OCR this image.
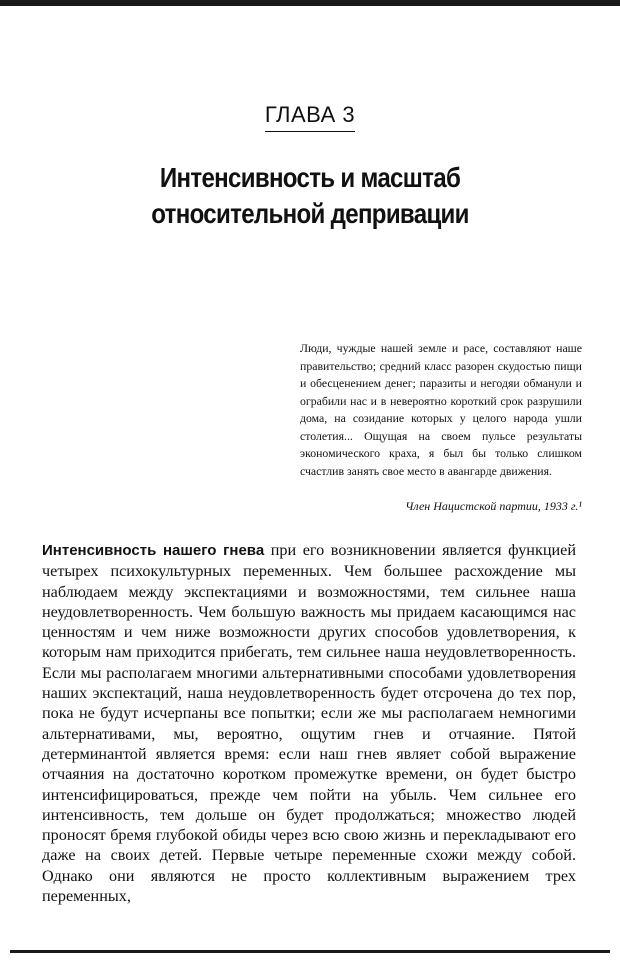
ГЛАВА 3
Интенсивность и масштаб
относительной депривации
Люди, чуждые нашей земле и расе, составляют наше правительство; средний класс разорен скудостью пищи и обесценением денег; паразиты и негодяи обманули и ограбили нас и в невероятно короткий срок разрушили дома, на созидание которых у целого народа ушли столетия... Ощущая на своем пульсе результаты экономического краха, я был бы только слишком счастлив занять свое место в авангарде движения.
Член Нацистской партии, 1933 г.¹
Интенсивность нашего гнева при его возникновении является функцией четырех психокультурных переменных. Чем большее расхождение мы наблюдаем между экспектациями и возможностями, тем сильнее наша неудовлетворенность. Чем большую важность мы придаем касающимся нас ценностям и чем ниже возможности других способов удовлетворения, к которым нам приходится прибегать, тем сильнее наша неудовлетворенность. Если мы располагаем многими альтернативными способами удовлетворения наших экспектаций, наша неудовлетворенность будет отсрочена до тех пор, пока не будут исчерпаны все попытки; если же мы располагаем немногими альтернативами, мы, вероятно, ощутим гнев и отчаяние. Пятой детерминантой является время: если наш гнев являет собой выражение отчаяния на достаточно коротком промежутке времени, он будет быстро интенсифицироваться, прежде чем пойти на убыль. Чем сильнее его интенсивность, тем дольше он будет продолжаться; множество людей проносят бремя глубокой обиды через всю свою жизнь и перекладывают его даже на своих детей. Первые четыре переменные схожи между собой. Однако они являются не просто коллективным выражением трех переменных,
